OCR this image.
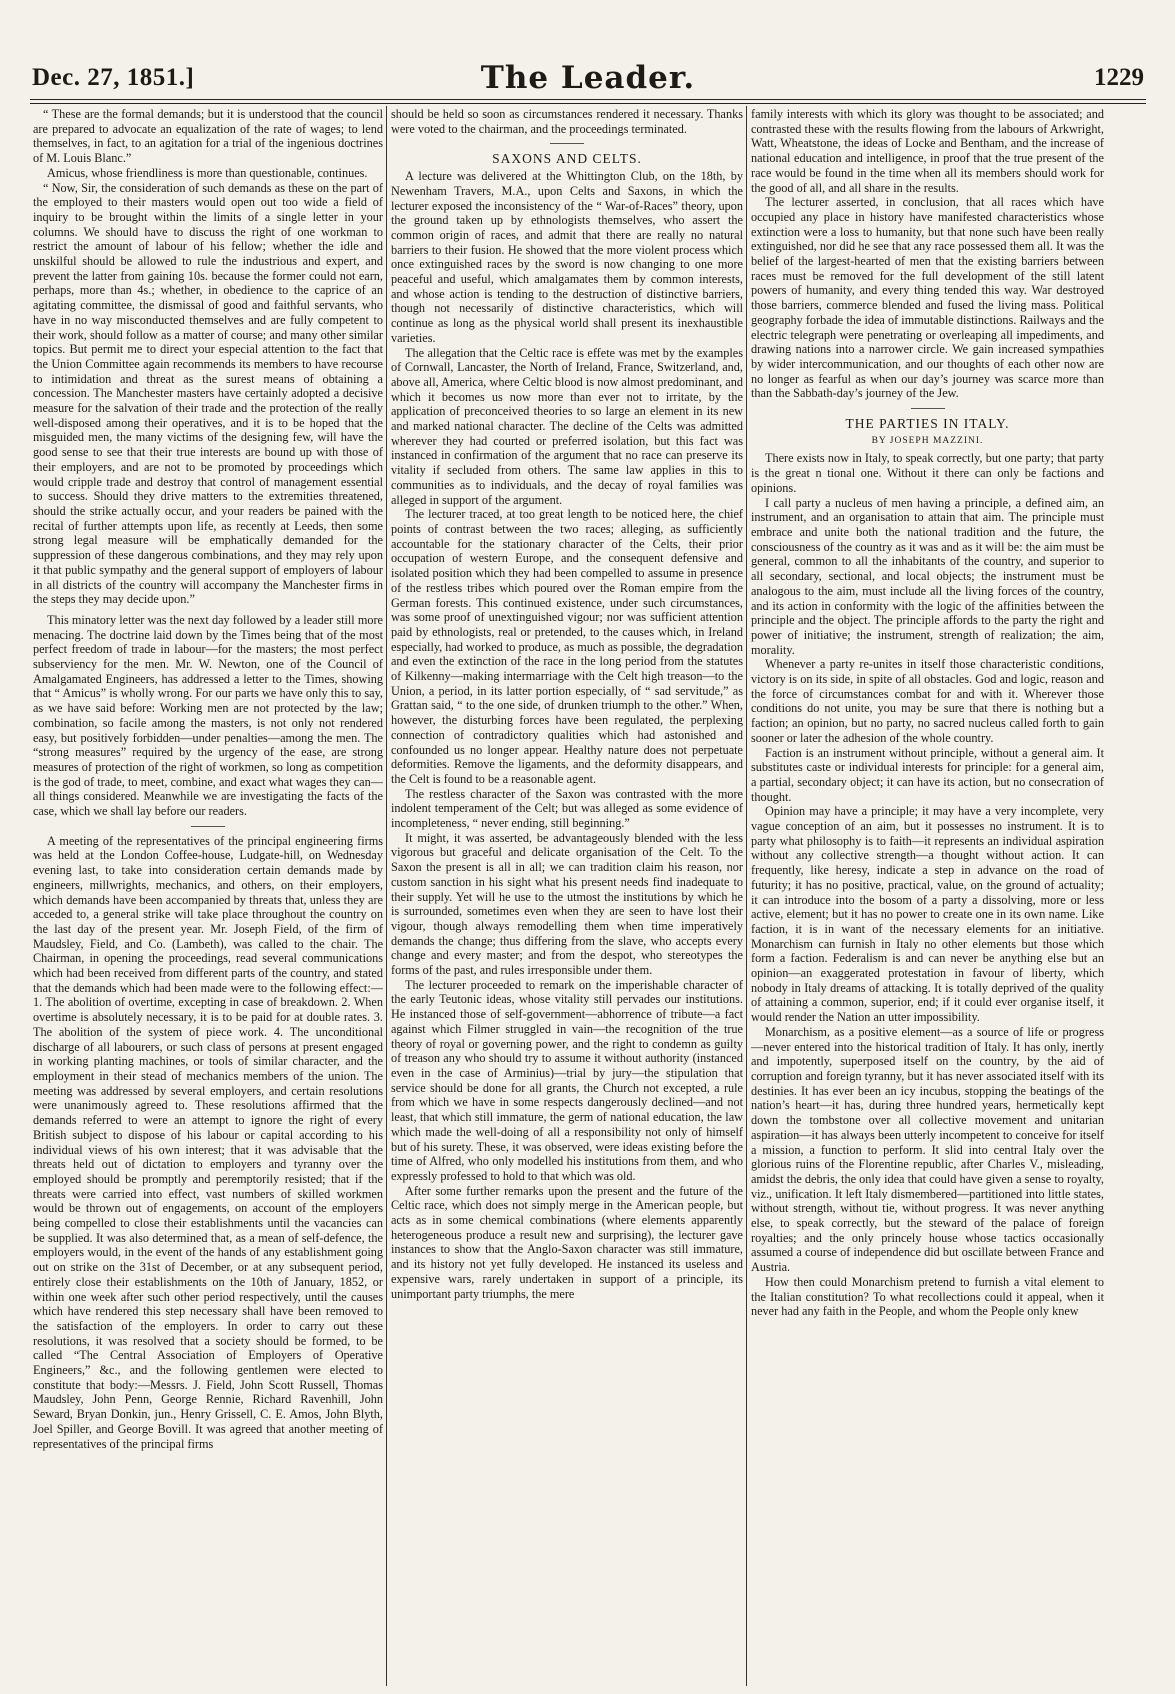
Dec. 27, 1851.]	The Leader.	1229

“ These are the formal demands; but it is understood that the council are prepared to advocate an equalization of the rate of wages; to lend themselves, in fact, to an agitation for a trial of the ingenious doctrines of M. Louis Blanc.”

Amicus, whose friendliness is more than questionable, continues.

“ Now, Sir, the consideration of such demands as these on the part of the employed to their masters would open out too wide a field of inquiry to be brought within the limits of a single letter in your columns. We should have to discuss the right of one workman to restrict the amount of labour of his fellow; whether the idle and unskilful should be allowed to rule the industrious and expert, and prevent the latter from gaining 10s. because the former could not earn, perhaps, more than 4s.; whether, in obedience to the caprice of an agitating committee, the dismissal of good and faithful servants, who have in no way misconducted themselves and are fully competent to their work, should follow as a matter of course; and many other similar topics. But permit me to direct your especial attention to the fact that the Union Committee again recommends its members to have recourse to intimidation and threat as the surest means of obtaining a concession. The Manchester masters have certainly adopted a decisive measure for the salvation of their trade and the protection of the really well-disposed among their operatives, and it is to be hoped that the misguided men, the many victims of the designing few, will have the good sense to see that their true interests are bound up with those of their employers, and are not to be promoted by proceedings which would cripple trade and destroy that control of management essential to success. Should they drive matters to the extremities threatened, should the strike actually occur, and your readers be pained with the recital of further attempts upon life, as recently at Leeds, then some strong legal measure will be emphatically demanded for the suppression of these dangerous combinations, and they may rely upon it that public sympathy and the general support of employers of labour in all districts of the country will accompany the Manchester firms in the steps they may decide upon.”

This minatory letter was the next day followed by a leader still more menacing. The doctrine laid down by the Times being that of the most perfect freedom of trade in labour—for the masters; the most perfect subserviency for the men. Mr. W. Newton, one of the Council of Amalgamated Engineers, has addressed a letter to the Times, showing that “ Amicus” is wholly wrong. For our parts we have only this to say, as we have said before: Working men are not protected by the law; combination, so facile among the masters, is not only not rendered easy, but positively forbidden—under penalties—among the men. The “strong measures” required by the urgency of the ease, are strong measures of protection of the right of workmen, so long as competition is the god of trade, to meet, combine, and exact what wages they can—all things considered. Meanwhile we are investigating the facts of the case, which we shall lay before our readers.

A meeting of the representatives of the principal engineering firms was held at the London Coffee-house, Ludgate-hill, on Wednesday evening last, to take into consideration certain demands made by engineers, millwrights, mechanics, and others, on their employers, which demands have been accompanied by threats that, unless they are acceded to, a general strike will take place throughout the country on the last day of the present year. Mr. Joseph Field, of the firm of Maudsley, Field, and Co. (Lambeth), was called to the chair. The Chairman, in opening the proceedings, read several communications which had been received from different parts of the country, and stated that the demands which had been made were to the following effect:—1. The abolition of overtime, excepting in case of breakdown. 2. When overtime is absolutely necessary, it is to be paid for at double rates. 3. The abolition of the system of piece work. 4. The unconditional discharge of all labourers, or such class of persons at present engaged in working planting machines, or tools of similar character, and the employment in their stead of mechanics members of the union. The meeting was addressed by several employers, and certain resolutions were unanimously agreed to. These resolutions affirmed that the demands referred to were an attempt to ignore the right of every British subject to dispose of his labour or capital according to his individual views of his own interest; that it was advisable that the threats held out of dictation to employers and tyranny over the employed should be promptly and peremptorily resisted; that if the threats were carried into effect, vast numbers of skilled workmen would be thrown out of engagements, on account of the employers being compelled to close their establishments until the vacancies can be supplied. It was also determined that, as a mean of self-defence, the employers would, in the event of the hands of any establishment going out on strike on the 31st of December, or at any subsequent period, entirely close their establishments on the 10th of January, 1852, or within one week after such other period respectively, until the causes which have rendered this step necessary shall have been removed to the satisfaction of the employers. In order to carry out these resolutions, it was resolved that a society should be formed, to be called “The Central Association of Employers of Operative Engineers,” &c., and the following gentlemen were elected to constitute that body:—Messrs. J. Field, John Scott Russell, Thomas Maudsley, John Penn, George Rennie, Richard Ravenhill, John Seward, Bryan Donkin, jun., Henry Grissell, C. E. Amos, John Blyth, Joel Spiller, and George Bovill. It was agreed that another meeting of representatives of the principal firms

should be held so soon as circumstances rendered it necessary. Thanks were voted to the chairman, and the proceedings terminated.

SAXONS AND CELTS.

A lecture was delivered at the Whittington Club, on the 18th, by Newenham Travers, M.A., upon Celts and Saxons, in which the lecturer exposed the inconsistency of the “ War-of-Races” theory, upon the ground taken up by ethnologists themselves, who assert the common origin of races, and admit that there are really no natural barriers to their fusion. He showed that the more violent process which once extinguished races by the sword is now changing to one more peaceful and useful, which amalgamates them by common interests, and whose action is tending to the destruction of distinctive barriers, though not necessarily of distinctive characteristics, which will continue as long as the physical world shall present its inexhaustible varieties.

The allegation that the Celtic race is effete was met by the examples of Cornwall, Lancaster, the North of Ireland, France, Switzerland, and, above all, America, where Celtic blood is now almost predominant, and which it becomes us now more than ever not to irritate, by the application of preconceived theories to so large an element in its new and marked national character. The decline of the Celts was admitted wherever they had courted or preferred isolation, but this fact was instanced in confirmation of the argument that no race can preserve its vitality if secluded from others. The same law applies in this to communities as to individuals, and the decay of royal families was alleged in support of the argument.

The lecturer traced, at too great length to be noticed here, the chief points of contrast between the two races; alleging, as sufficiently accountable for the stationary character of the Celts, their prior occupation of western Europe, and the consequent defensive and isolated position which they had been compelled to assume in presence of the restless tribes which poured over the Roman empire from the German forests. This continued existence, under such circumstances, was some proof of unextinguished vigour; nor was sufficient attention paid by ethnologists, real or pretended, to the causes which, in Ireland especially, had worked to produce, as much as possible, the degradation and even the extinction of the race in the long period from the statutes of Kilkenny—making intermarriage with the Celt high treason—to the Union, a period, in its latter portion especially, of “ sad servitude,” as Grattan said, “ to the one side, of drunken triumph to the other.” When, however, the disturbing forces have been regulated, the perplexing connection of contradictory qualities which had astonished and confounded us no longer appear. Healthy nature does not perpetuate deformities. Remove the ligaments, and the deformity disappears, and the Celt is found to be a reasonable agent.

The restless character of the Saxon was contrasted with the more indolent temperament of the Celt; but was alleged as some evidence of incompleteness, “ never ending, still beginning.”

It might, it was asserted, be advantageously blended with the less vigorous but graceful and delicate organisation of the Celt. To the Saxon the present is all in all; we can tradition claim his reason, nor custom sanction in his sight what his present needs find inadequate to their supply. Yet will he use to the utmost the institutions by which he is surrounded, sometimes even when they are seen to have lost their vigour, though always remodelling them when time imperatively demands the change; thus differing from the slave, who accepts every change and every master; and from the despot, who stereotypes the forms of the past, and rules irresponsible under them.

The lecturer proceeded to remark on the imperishable character of the early Teutonic ideas, whose vitality still pervades our institutions. He instanced those of self-government—abhorrence of tribute—a fact against which Filmer struggled in vain—the recognition of the true theory of royal or governing power, and the right to condemn as guilty of treason any who should try to assume it without authority (instanced even in the case of Arminius)—trial by jury—the stipulation that service should be done for all grants, the Church not excepted, a rule from which we have in some respects dangerously declined—and not least, that which still immature, the germ of national education, the law which made the well-doing of all a responsibility not only of himself but of his surety. These, it was observed, were ideas existing before the time of Alfred, who only modelled his institutions from them, and who expressly professed to hold to that which was old.

After some further remarks upon the present and the future of the Celtic race, which does not simply merge in the American people, but acts as in some chemical combinations (where elements apparently heterogeneous produce a result new and surprising), the lecturer gave instances to show that the Anglo-Saxon character was still immature, and its history not yet fully developed. He instanced its useless and expensive wars, rarely undertaken in support of a principle, its unimportant party triumphs, the mere

family interests with which its glory was thought to be associated; and contrasted these with the results flowing from the labours of Arkwright, Watt, Wheatstone, the ideas of Locke and Bentham, and the increase of national education and intelligence, in proof that the true present of the race would be found in the time when all its members should work for the good of all, and all share in the results.

The lecturer asserted, in conclusion, that all races which have occupied any place in history have manifested characteristics whose extinction were a loss to humanity, but that none such have been really extinguished, nor did he see that any race possessed them all. It was the belief of the largest-hearted of men that the existing barriers between races must be removed for the full development of the still latent powers of humanity, and every thing tended this way. War destroyed those barriers, commerce blended and fused the living mass. Political geography forbade the idea of immutable distinctions. Railways and the electric telegraph were penetrating or overleaping all impediments, and drawing nations into a narrower circle. We gain increased sympathies by wider intercommunication, and our thoughts of each other now are no longer as fearful as when our day’s journey was scarce more than than the Sabbath-day’s journey of the Jew.

THE PARTIES IN ITALY.
BY JOSEPH MAZZINI.

There exists now in Italy, to speak correctly, but one party; that party is the great n tional one. Without it there can only be factions and opinions.

I call party a nucleus of men having a principle, a defined aim, an instrument, and an organisation to attain that aim. The principle must embrace and unite both the national tradition and the future, the consciousness of the country as it was and as it will be: the aim must be general, common to all the inhabitants of the country, and superior to all secondary, sectional, and local objects; the instrument must be analogous to the aim, must include all the living forces of the country, and its action in conformity with the logic of the affinities between the principle and the object. The principle affords to the party the right and power of initiative; the instrument, strength of realization; the aim, morality.

Whenever a party re-unites in itself those characteristic conditions, victory is on its side, in spite of all obstacles. God and logic, reason and the force of circumstances combat for and with it. Wherever those conditions do not unite, you may be sure that there is nothing but a faction; an opinion, but no party, no sacred nucleus called forth to gain sooner or later the adhesion of the whole country.

Faction is an instrument without principle, without a general aim. It substitutes caste or individual interests for principle: for a general aim, a partial, secondary object; it can have its action, but no consecration of thought.

Opinion may have a principle; it may have a very incomplete, very vague conception of an aim, but it possesses no instrument. It is to party what philosophy is to faith—it represents an individual aspiration without any collective strength—a thought without action. It can frequently, like heresy, indicate a step in advance on the road of futurity; it has no positive, practical, value, on the ground of actuality; it can introduce into the bosom of a party a dissolving, more or less active, element; but it has no power to create one in its own name. Like faction, it is in want of the necessary elements for an initiative. Monarchism can furnish in Italy no other elements but those which form a faction. Federalism is and can never be anything else but an opinion—an exaggerated protestation in favour of liberty, which nobody in Italy dreams of attacking. It is totally deprived of the quality of attaining a common, superior, end; if it could ever organise itself, it would render the Nation an utter impossibility.

Monarchism, as a positive element—as a source of life or progress—never entered into the historical tradition of Italy. It has only, inertly and impotently, superposed itself on the country, by the aid of corruption and foreign tyranny, but it has never associated itself with its destinies. It has ever been an icy incubus, stopping the beatings of the nation’s heart—it has, during three hundred years, hermetically kept down the tombstone over all collective movement and unitarian aspiration—it has always been utterly incompetent to conceive for itself a mission, a function to perform. It slid into central Italy over the glorious ruins of the Florentine republic, after Charles V., misleading, amidst the debris, the only idea that could have given a sense to royalty, viz., unification. It left Italy dismembered—partitioned into little states, without strength, without tie, without progress. It was never anything else, to speak correctly, but the steward of the palace of foreign royalties; and the only princely house whose tactics occasionally assumed a course of independence did but oscillate between France and Austria.

How then could Monarchism pretend to furnish a vital element to the Italian constitution? To what recollections could it appeal, when it never had any faith in the People, and whom the People only knew
